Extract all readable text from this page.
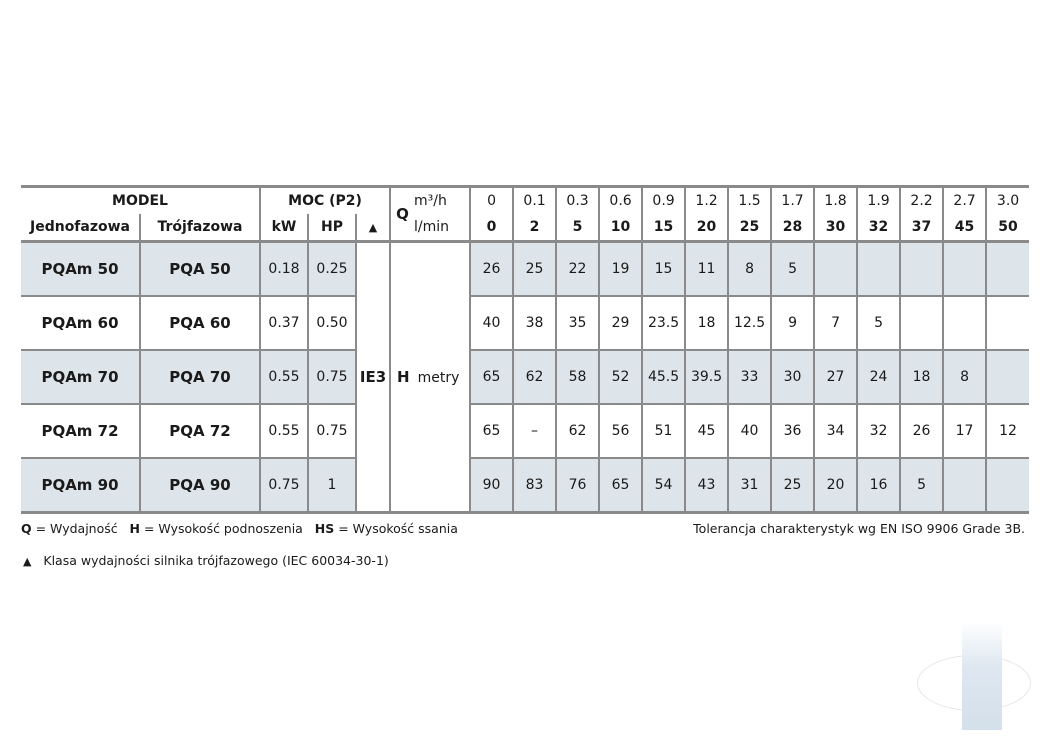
MODEL		MOC (P2)			Q	m³/h	0	0.1	0.3	0.6	0.9	1.2	1.5	1.7	1.8	1.9	2.2	2.7	3.0
Jednofazowa	Trójfazowa	kW	HP	▲		l/min	0	2	5	10	15	20	25	28	30	32	37	45	50
PQAm 50	PQA 50	0.18	0.25	IE3	H metry		26	25	22	19	15	11	8	5					
PQAm 60	PQA 60	0.37	0.50				40	38	35	29	23.5	18	12.5	9	7	5			
PQAm 70	PQA 70	0.55	0.75				65	62	58	52	45.5	39.5	33	30	27	24	18	8	
PQAm 72	PQA 72	0.55	0.75				65	–	62	56	51	45	40	36	34	32	26	17	12
PQAm 90	PQA 90	0.75	1				90	83	76	65	54	43	31	25	20	16	5		
Q = Wydajność H = Wysokość podnoszenia HS = Wysokość ssania	Tolerancja charakterystyk wg EN ISO 9906 Grade 3B.
▲ Klasa wydajności silnika trójfazowego (IEC 60034-30-1)
